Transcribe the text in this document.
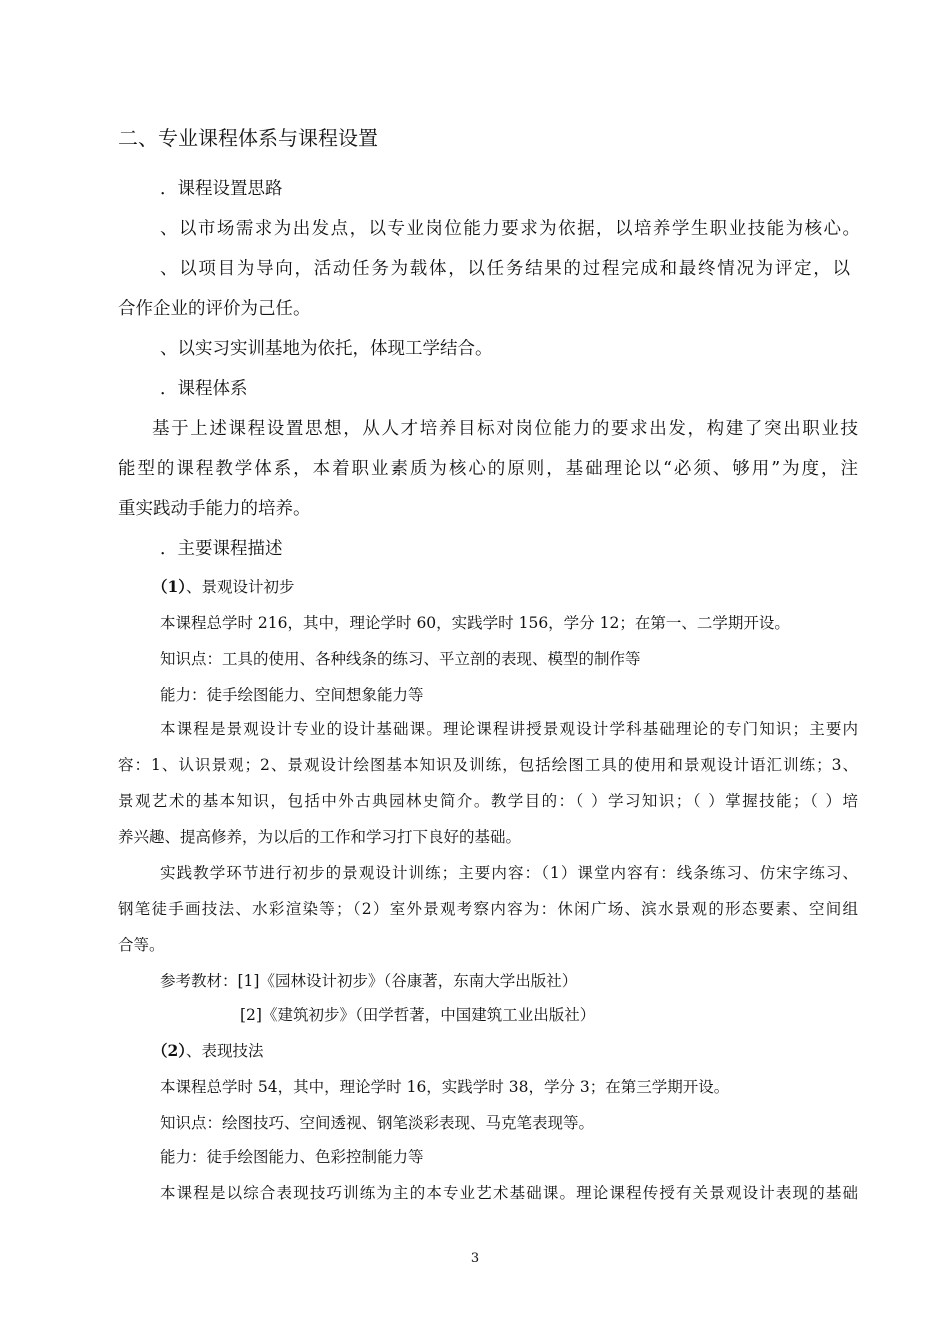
二、专业课程体系与课程设置

．课程设置思路

、以市场需求为出发点，以专业岗位能力要求为依据，以培养学生职业技能为核心。

、以项目为导向，活动任务为载体，以任务结果的过程完成和最终情况为评定，以

合作企业的评价为己任。

、以实习实训基地为依托，体现工学结合。

．课程体系

基于上述课程设置思想，从人才培养目标对岗位能力的要求出发，构建了突出职业技

能型的课程教学体系，本着职业素质为核心的原则，基础理论以“必须、够用”为度，注

重实践动手能力的培养。

．主要课程描述

（1）、景观设计初步

本课程总学时 216，其中，理论学时 60，实践学时 156，学分 12；在第一、二学期开设。

知识点：工具的使用、各种线条的练习、平立剖的表现、模型的制作等

能力：徒手绘图能力、空间想象能力等

本课程是景观设计专业的设计基础课。理论课程讲授景观设计学科基础理论的专门知识；主要内

容：1、认识景观；2、景观设计绘图基本知识及训练，包括绘图工具的使用和景观设计语汇训练；3、

景观艺术的基本知识，包括中外古典园林史简介。教学目的：（ ）学习知识；（ ）掌握技能；（ ）培

养兴趣、提高修养，为以后的工作和学习打下良好的基础。

实践教学环节进行初步的景观设计训练；主要内容：（1）课堂内容有：线条练习、仿宋字练习、

钢笔徒手画技法、水彩渲染等；（2）室外景观考察内容为：休闲广场、滨水景观的形态要素、空间组

合等。

参考教材：[1]《园林设计初步》（谷康著，东南大学出版社）

[2]《建筑初步》（田学哲著，中国建筑工业出版社）

（2）、表现技法

本课程总学时 54，其中，理论学时 16，实践学时 38，学分 3；在第三学期开设。

知识点：绘图技巧、空间透视、钢笔淡彩表现、马克笔表现等。

能力：徒手绘图能力、色彩控制能力等

本课程是以综合表现技巧训练为主的本专业艺术基础课。理论课程传授有关景观设计表现的基础

3
